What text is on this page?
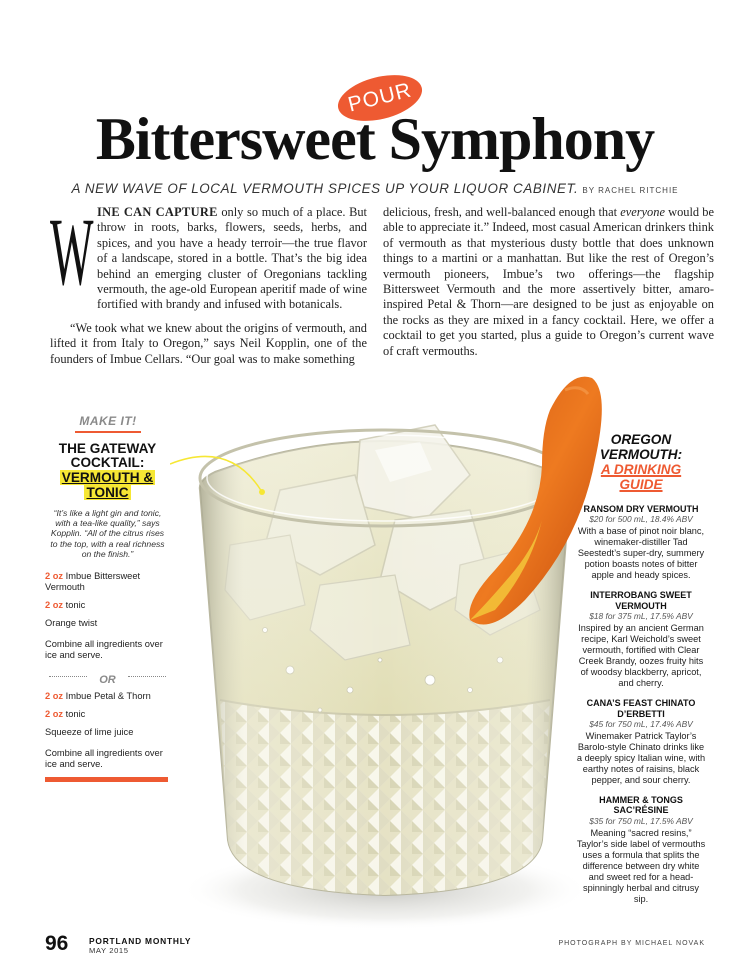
POUR
Bittersweet Symphony
A NEW WAVE OF LOCAL VERMOUTH SPICES UP YOUR LIQUOR CABINET. BY RACHEL RITCHIE

WINE CAN CAPTURE only so much of a place. But throw in roots, barks, flowers, seeds, herbs, and spices, and you have a heady terroir—the true flavor of a landscape, stored in a bottle. That’s the big idea behind an emerging cluster of Oregonians tackling vermouth, the age-old European aperitif made of wine fortified with brandy and infused with botanicals.

“We took what we knew about the origins of vermouth, and lifted it from Italy to Oregon,” says Neil Kopplin, one of the founders of Imbue Cellars. “Our goal was to make something

delicious, fresh, and well-balanced enough that everyone would be able to appreciate it.” Indeed, most casual American drinkers think of vermouth as that mysterious dusty bottle that does unknown things to a martini or a manhattan. But like the rest of Oregon’s vermouth pioneers, Imbue’s two offerings—the flagship Bittersweet Vermouth and the more assertively bitter, amaro-inspired Petal & Thorn—are designed to be just as enjoyable on the rocks as they are mixed in a fancy cocktail. Here, we offer a cocktail to get you started, plus a guide to Oregon’s current wave of craft vermouths.

MAKE IT!
THE GATEWAY COCKTAIL:
VERMOUTH &
TONIC
“It’s like a light gin and tonic, with a tea-like quality,” says Kopplin. “All of the citrus rises to the top, with a real richness on the finish.”
2 oz Imbue Bittersweet Vermouth
2 oz tonic
Orange twist
Combine all ingredients over ice and serve.
OR
2 oz Imbue Petal & Thorn
2 oz tonic
Squeeze of lime juice
Combine all ingredients over ice and serve.
OREGON
VERMOUTH:
A DRINKING
GUIDE
RANSOM DRY VERMOUTH
$20 for 500 mL, 18.4% ABV
With a base of pinot noir blanc, winemaker-distiller Tad Seestedt’s super-dry, summery potion boasts notes of bitter apple and heady spices.
INTERROBANG SWEET VERMOUTH
$18 for 375 mL, 17.5% ABV
Inspired by an ancient German recipe, Karl Weichold’s sweet vermouth, fortified with Clear Creek Brandy, oozes fruity hits of woodsy blackberry, apricot, and cherry.
CANA’S FEAST CHINATO D’ERBETTI
$45 for 750 mL, 17.4% ABV
Winemaker Patrick Taylor’s Barolo-style Chinato drinks like a deeply spicy Italian wine, with earthy notes of raisins, black pepper, and sour cherry.
HAMMER & TONGS SAC’RÉSINE
$35 for 750 mL, 17.5% ABV
Meaning “sacred resins,” Taylor’s side label of vermouths uses a formula that splits the difference between dry white and sweet red for a head-spinningly herbal and citrusy sip.
96 PORTLAND MONTHLY
MAY 2015
PHOTOGRAPH BY MICHAEL NOVAK
